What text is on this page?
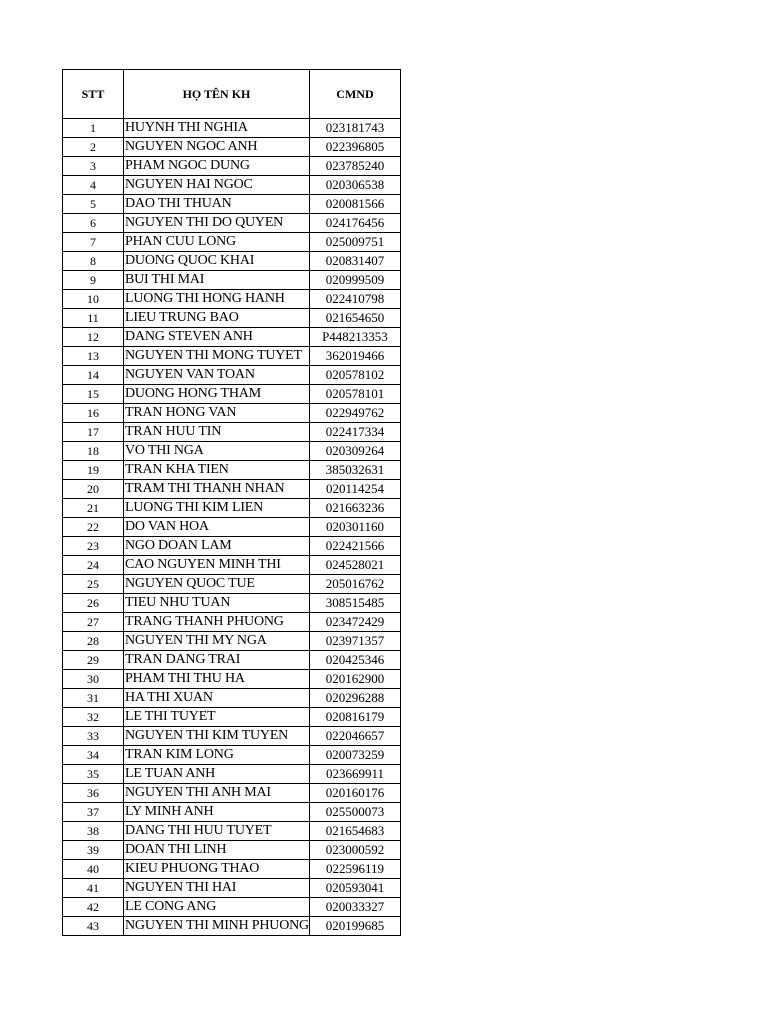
STT	HỌ TÊN KH	CMND
1	HUYNH THI NGHIA	023181743
2	NGUYEN NGOC ANH	022396805
3	PHAM NGOC DUNG	023785240
4	NGUYEN HAI NGOC	020306538
5	DAO THI THUAN	020081566
6	NGUYEN THI DO QUYEN	024176456
7	PHAN CUU LONG	025009751
8	DUONG QUOC KHAI	020831407
9	BUI THI MAI	020999509
10	LUONG THI HONG HANH	022410798
11	LIEU TRUNG BAO	021654650
12	DANG STEVEN ANH	P448213353
13	NGUYEN THI MONG TUYET	362019466
14	NGUYEN VAN TOAN	020578102
15	DUONG HONG THAM	020578101
16	TRAN HONG VAN	022949762
17	TRAN HUU TIN	022417334
18	VO THI NGA	020309264
19	TRAN KHA TIEN	385032631
20	TRAM THI THANH NHAN	020114254
21	LUONG THI KIM LIEN	021663236
22	DO VAN HOA	020301160
23	NGO DOAN LAM	022421566
24	CAO NGUYEN MINH THI	024528021
25	NGUYEN QUOC TUE	205016762
26	TIEU NHU TUAN	308515485
27	TRANG THANH PHUONG	023472429
28	NGUYEN THI MY NGA	023971357
29	TRAN DANG TRAI	020425346
30	PHAM THI THU HA	020162900
31	HA THI XUAN	020296288
32	LE THI TUYET	020816179
33	NGUYEN THI KIM TUYEN	022046657
34	TRAN KIM LONG	020073259
35	LE TUAN ANH	023669911
36	NGUYEN THI ANH MAI	020160176
37	LY MINH ANH	025500073
38	DANG THI HUU TUYET	021654683
39	DOAN THI LINH	023000592
40	KIEU PHUONG THAO	022596119
41	NGUYEN THI HAI	020593041
42	LE CONG ANG	020033327
43	NGUYEN THI MINH PHUONG	020199685
